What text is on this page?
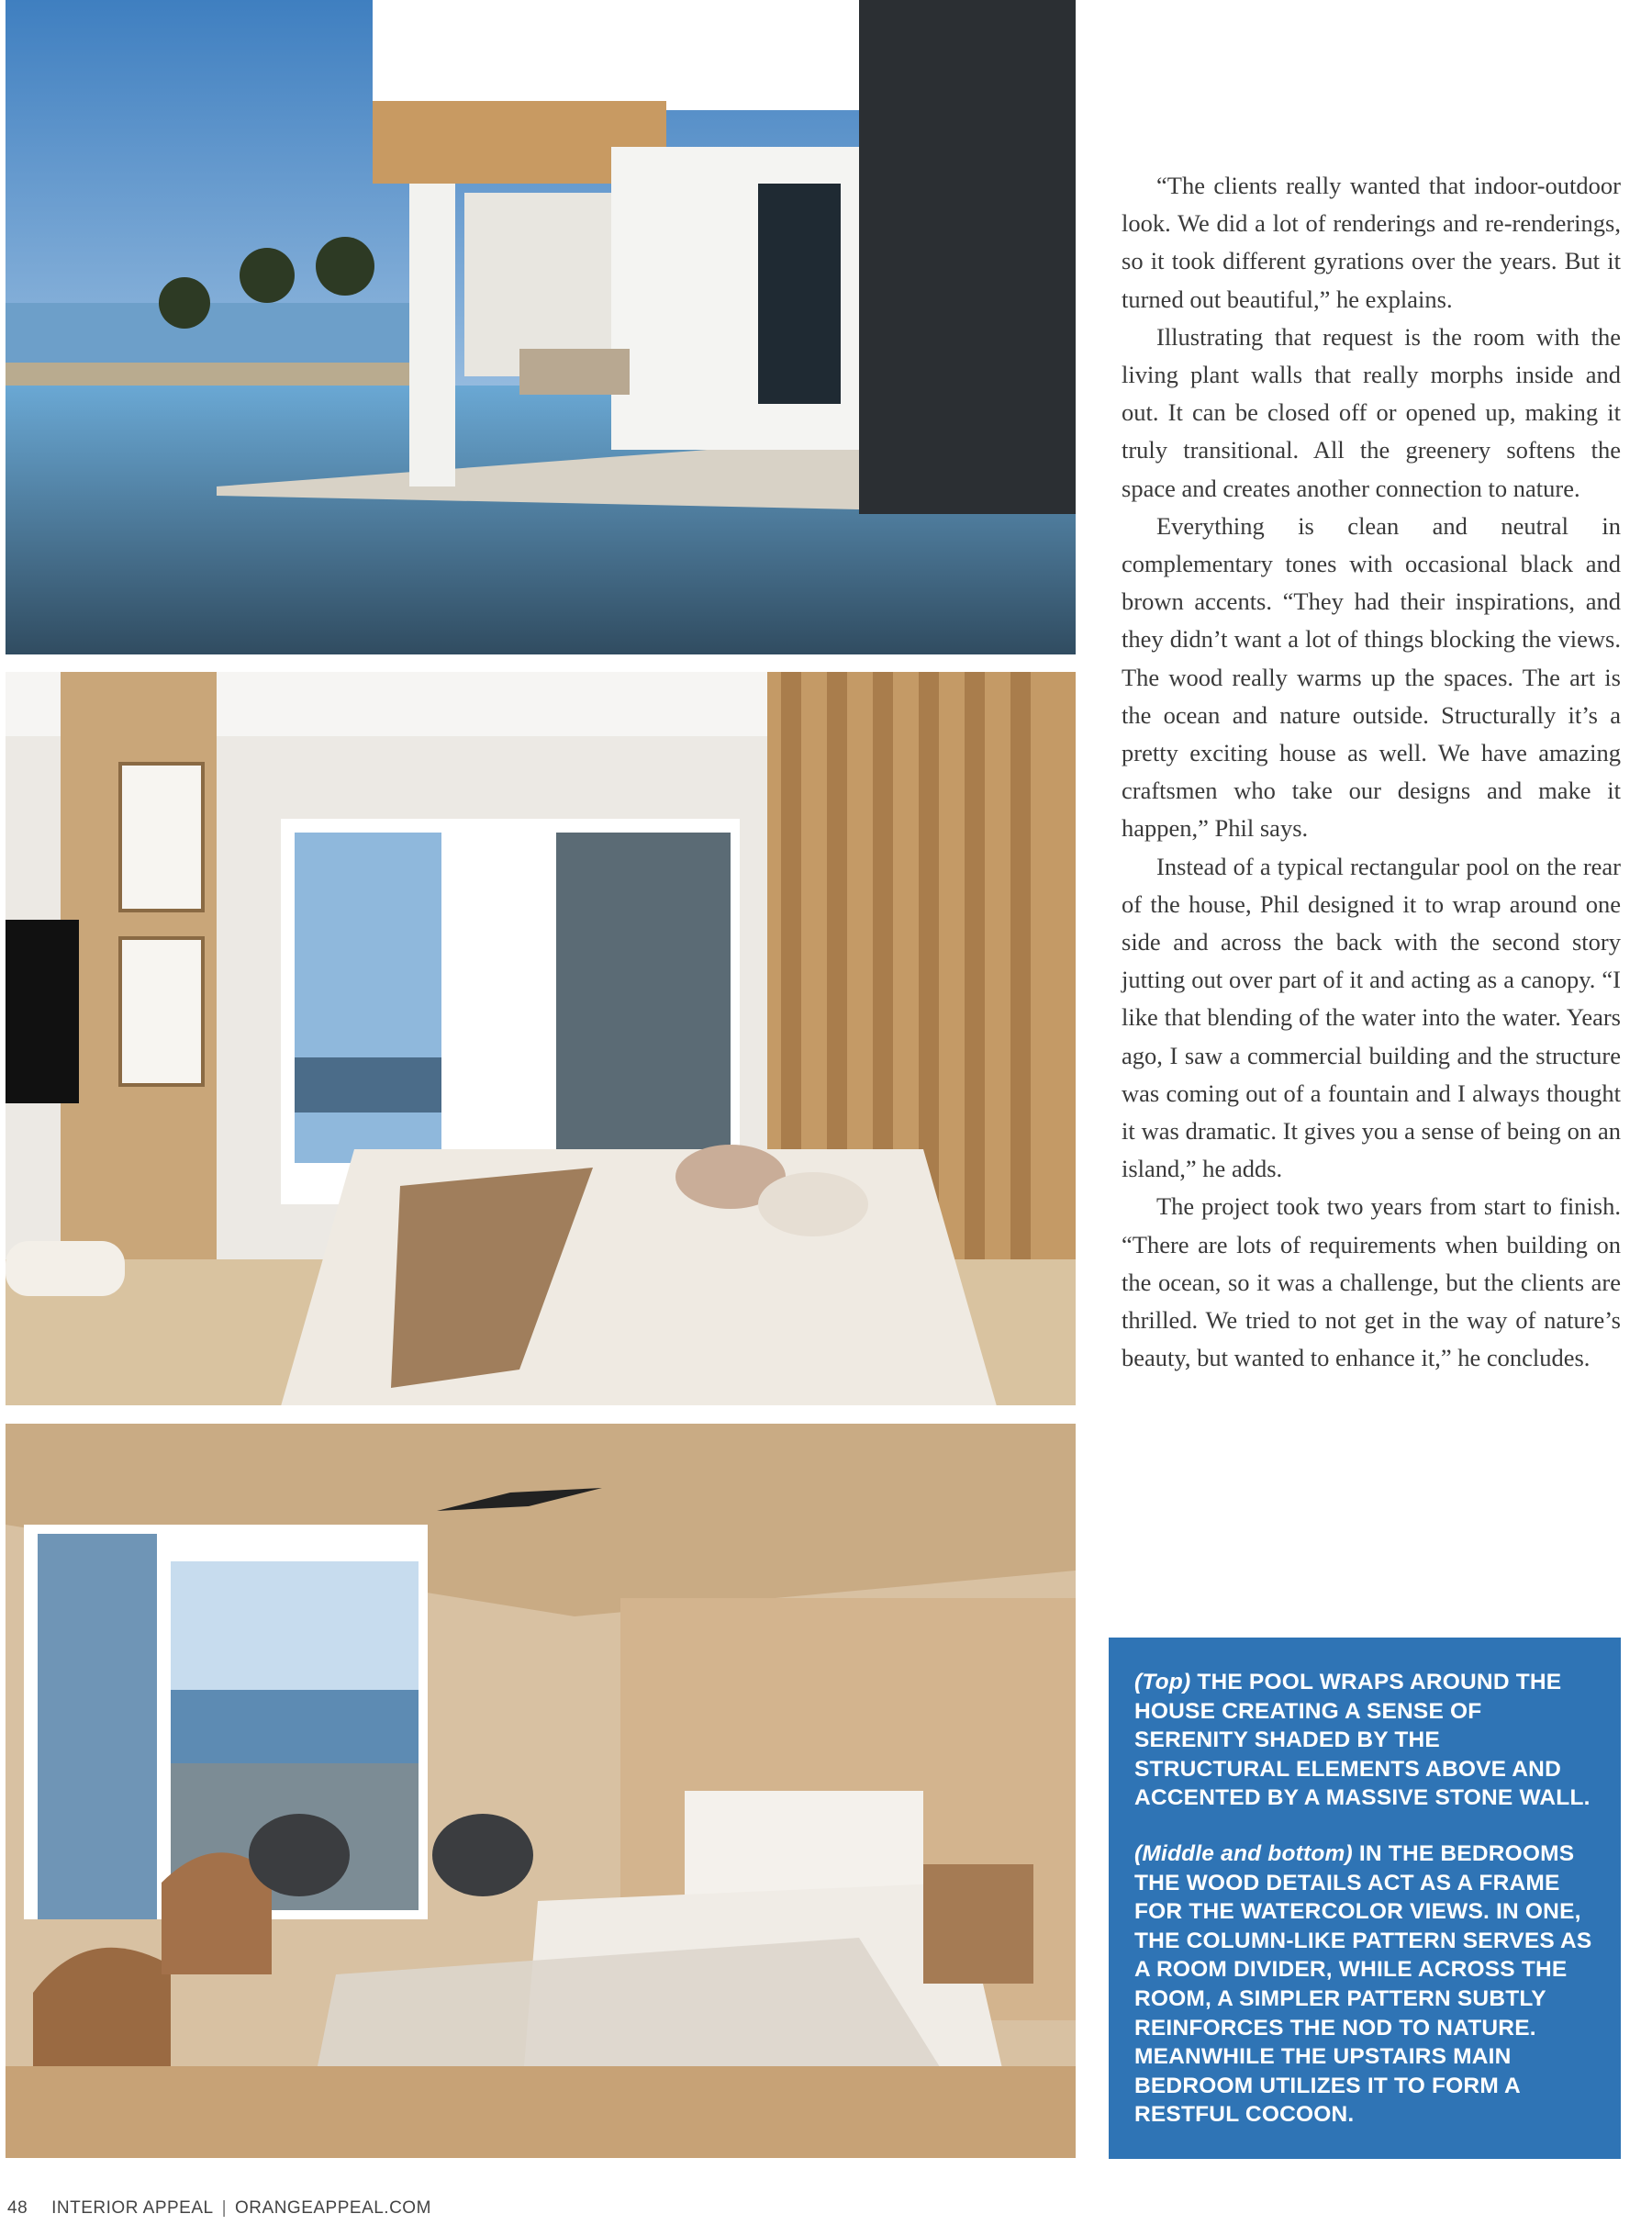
“The clients really wanted that indoor-outdoor look. We did a lot of renderings and re-renderings, so it took different gyrations over the years. But it turned out beautiful,” he explains.

Illustrating that request is the room with the living plant walls that really morphs inside and out. It can be closed off or opened up, making it truly transitional. All the greenery softens the space and creates another connection to nature.

Everything is clean and neutral in complementary tones with occasional black and brown accents. “They had their inspirations, and they didn’t want a lot of things blocking the views. The wood really warms up the spaces. The art is the ocean and nature outside. Structurally it’s a pretty exciting house as well. We have amazing craftsmen who take our designs and make it happen,” Phil says.

Instead of a typical rectangular pool on the rear of the house, Phil designed it to wrap around one side and across the back with the second story jutting out over part of it and acting as a canopy. “I like that blending of the water into the water. Years ago, I saw a commercial building and the structure was coming out of a fountain and I always thought it was dramatic. It gives you a sense of being on an island,” he adds.

The project took two years from start to finish. “There are lots of requirements when building on the ocean, so it was a challenge, but the clients are thrilled. We tried to not get in the way of nature’s beauty, but wanted to enhance it,” he concludes.

(Top) THE POOL WRAPS AROUND THE HOUSE CREATING A SENSE OF SERENITY SHADED BY THE STRUCTURAL ELEMENTS ABOVE AND ACCENTED BY A MASSIVE STONE WALL.

(Middle and bottom) IN THE BEDROOMS THE WOOD DETAILS ACT AS A FRAME FOR THE WATERCOLOR VIEWS. IN ONE, THE COLUMN-LIKE PATTERN SERVES AS A ROOM DIVIDER, WHILE ACROSS THE ROOM, A SIMPLER PATTERN SUBTLY REINFORCES THE NOD TO NATURE. MEANWHILE THE UPSTAIRS MAIN BEDROOM UTILIZES IT TO FORM A RESTFUL COCOON.

48 INTERIOR APPEAL | ORANGEAPPEAL.COM
